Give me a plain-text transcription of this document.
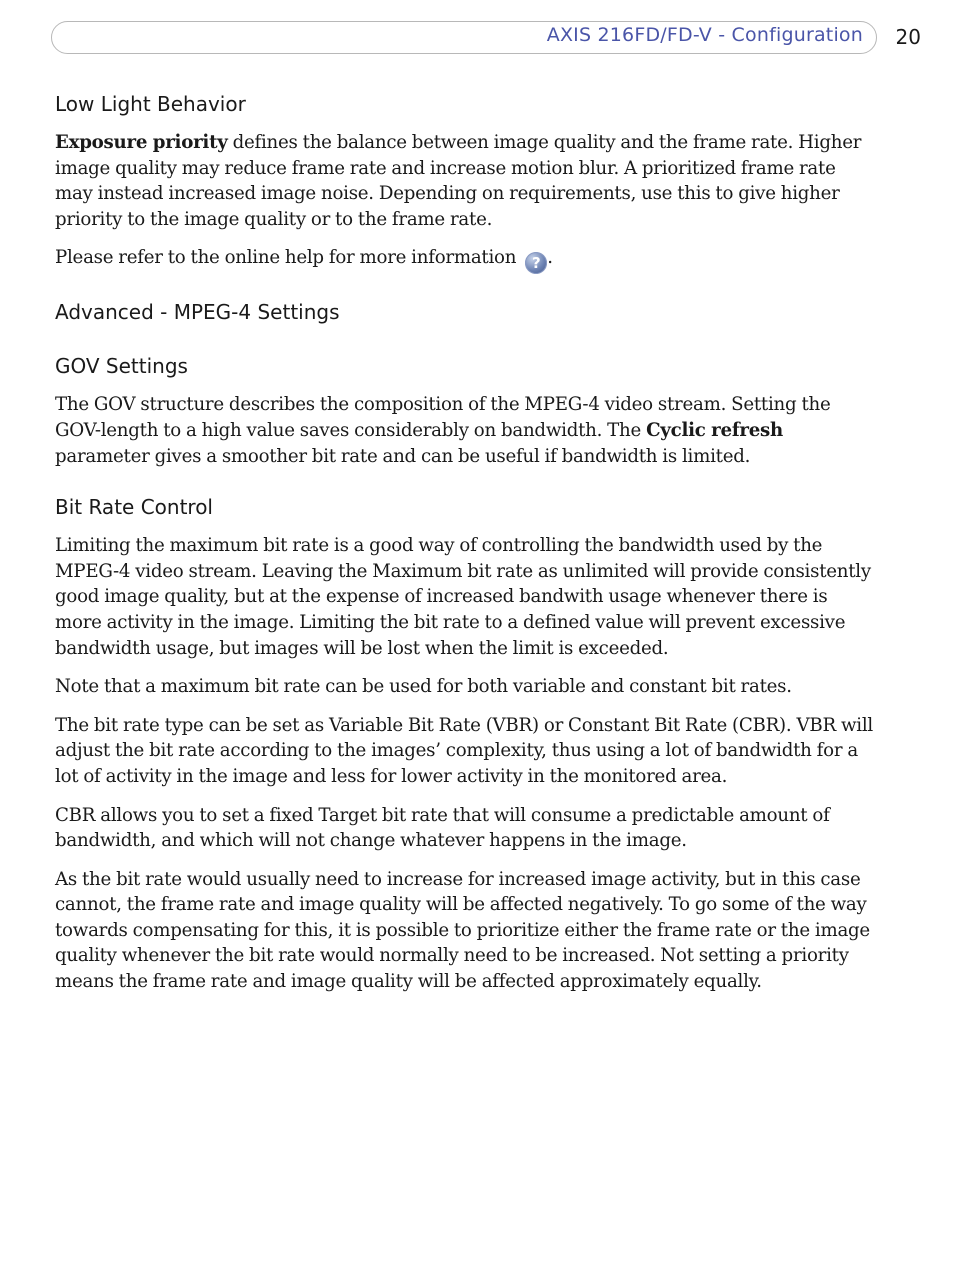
AXIS 216FD/FD-V - Configuration 20
Low Light Behavior

Exposure priority defines the balance between image quality and the frame rate. Higher image quality may reduce frame rate and increase motion blur. A prioritized frame rate may instead increased image noise. Depending on requirements, use this to give higher priority to the image quality or to the frame rate.

Please refer to the online help for more information ? .

Advanced - MPEG-4 Settings
GOV Settings

The GOV structure describes the composition of the MPEG-4 video stream. Setting the GOV-length to a high value saves considerably on bandwidth. The Cyclic refresh parameter gives a smoother bit rate and can be useful if bandwidth is limited.

Bit Rate Control

Limiting the maximum bit rate is a good way of controlling the bandwidth used by the MPEG-4 video stream. Leaving the Maximum bit rate as unlimited will provide consistently good image quality, but at the expense of increased bandwith usage whenever there is more activity in the image. Limiting the bit rate to a defined value will prevent excessive bandwidth usage, but images will be lost when the limit is exceeded.

Note that a maximum bit rate can be used for both variable and constant bit rates.

The bit rate type can be set as Variable Bit Rate (VBR) or Constant Bit Rate (CBR). VBR will adjust the bit rate according to the images’ complexity, thus using a lot of bandwidth for a lot of activity in the image and less for lower activity in the monitored area.

CBR allows you to set a fixed Target bit rate that will consume a predictable amount of bandwidth, and which will not change whatever happens in the image.

As the bit rate would usually need to increase for increased image activity, but in this case cannot, the frame rate and image quality will be affected negatively. To go some of the way towards compensating for this, it is possible to prioritize either the frame rate or the image quality whenever the bit rate would normally need to be increased. Not setting a priority means the frame rate and image quality will be affected approximately equally.
